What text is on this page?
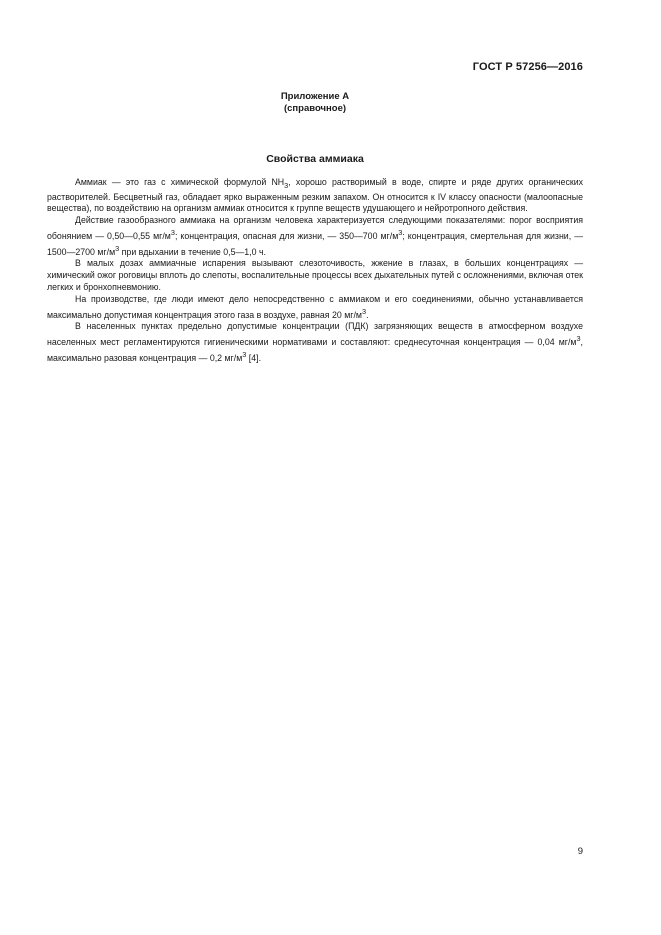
ГОСТ Р 57256—2016
Приложение А
(справочное)
Свойства аммиака

Аммиак — это газ с химической формулой $NH_3$, хорошо растворимый в воде, спирте и ряде других органических растворителей. Бесцветный газ, обладает ярко выраженным резким запахом. Он относится к IV классу опасности (малоопасные вещества), по воздействию на организм аммиак относится к группе веществ удушающего и нейротропного действия.

Действие газообразного аммиака на организм человека характеризуется следующими показателями: порог восприятия обонянием — 0,50—0,55 $мг/м^3$; концентрация, опасная для жизни, — 350—700 $мг/м^3$; концентрация, смертельная для жизни, — 1500—2700 $мг/м^3$ при вдыхании в течение 0,5—1,0 ч.

В малых дозах аммиачные испарения вызывают слезоточивость, жжение в глазах, в больших концентрациях — химический ожог роговицы вплоть до слепоты, воспалительные процессы всех дыхательных путей с осложнениями, включая отек легких и бронхопневмонию.

На производстве, где люди имеют дело непосредственно с аммиаком и его соединениями, обычно устанавливается максимально допустимая концентрация этого газа в воздухе, равная 20 $мг/м^3$.

В населенных пунктах предельно допустимые концентрации (ПДК) загрязняющих веществ в атмосферном воздухе населенных мест регламентируются гигиеническими нормативами и составляют: среднесуточная концентрация — 0,04 $мг/м^3$, максимально разовая концентрация — 0,2 $мг/м^3$ [4].

9
